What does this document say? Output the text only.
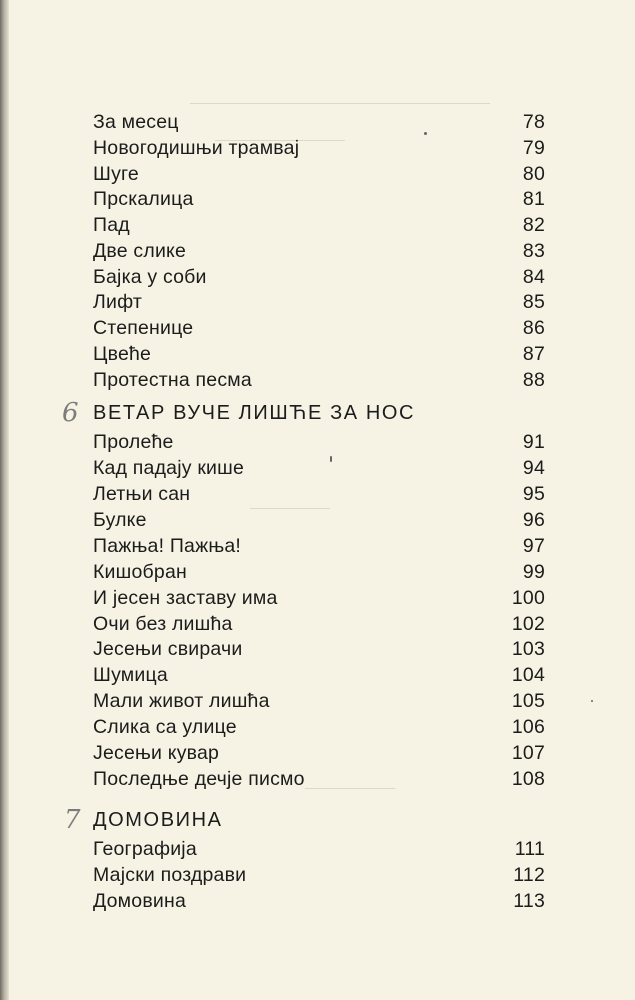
За месец	78
Новогодишњи трамвај	79
Шуге	80
Прскалица	81
Пад	82
Две слике	83
Бајка у соби	84
Лифт	85
Степенице	86
Цвеће	87
Протестна песма	88
6 ВЕТАР ВУЧЕ ЛИШЋЕ ЗА НОС
Пролеће	91
Кад падају кише	94
Летњи сан	95
Булке	96
Пажња! Пажња!	97
Кишобран	99
И јесен заставу има	100
Очи без лишћа	102
Јесењи свирачи	103
Шумица	104
Мали живот лишћа	105
Слика са улице	106
Јесењи кувар	107
Последње дечје писмо	108
7 ДОМОВИНА
Географија	111
Мајски поздрави	112
Домовина	113
